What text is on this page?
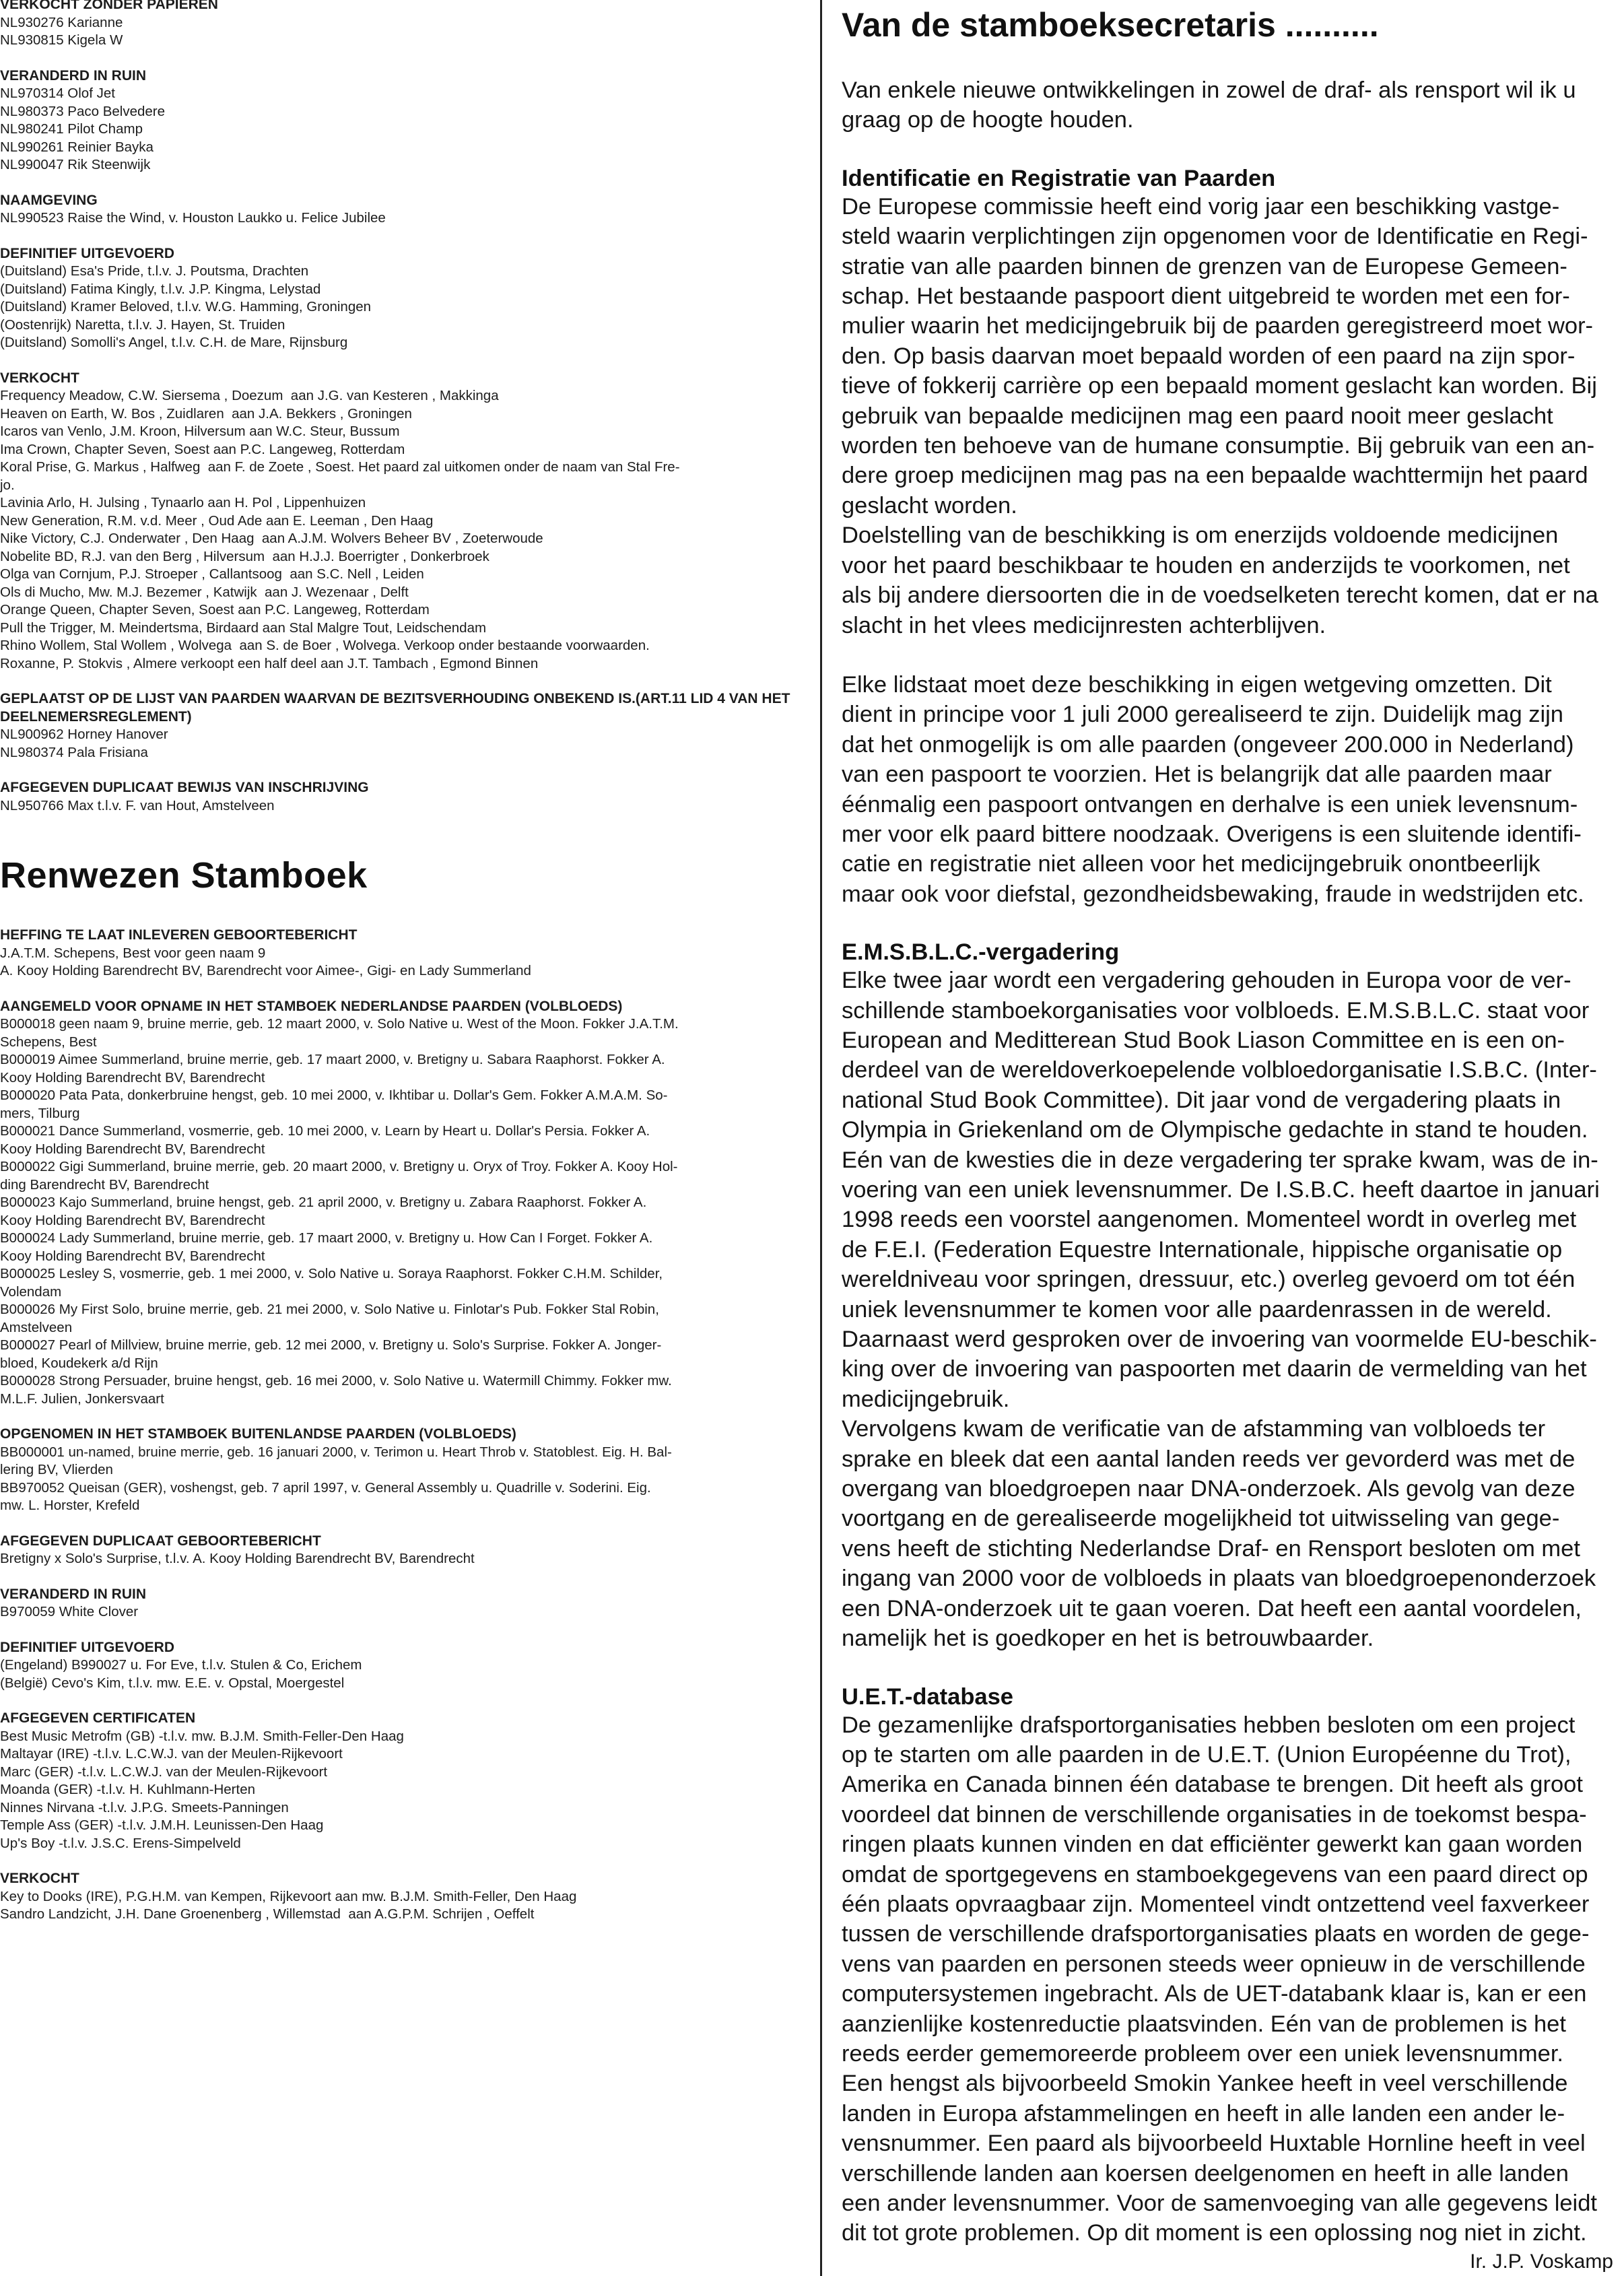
VERKOCHT ZONDER PAPIEREN
NL930276 Karianne
NL930815 Kigela W
VERANDERD IN RUIN
NL970314 Olof Jet
NL980373 Paco Belvedere
NL980241 Pilot Champ
NL990261 Reinier Bayka
NL990047 Rik Steenwijk
NAAMGEVING
NL990523 Raise the Wind, v. Houston Laukko u. Felice Jubilee
DEFINITIEF UITGEVOERD
(Duitsland) Esa's Pride, t.l.v. J. Poutsma, Drachten
(Duitsland) Fatima Kingly, t.l.v. J.P. Kingma, Lelystad
(Duitsland) Kramer Beloved, t.l.v. W.G. Hamming, Groningen
(Oostenrijk) Naretta, t.l.v. J. Hayen, St. Truiden
(Duitsland) Somolli's Angel, t.l.v. C.H. de Mare, Rijnsburg
VERKOCHT
Frequency Meadow, C.W. Siersema , Doezum  aan J.G. van Kesteren , Makkinga
Heaven on Earth, W. Bos , Zuidlaren  aan J.A. Bekkers , Groningen
Icaros van Venlo, J.M. Kroon, Hilversum aan W.C. Steur, Bussum
Ima Crown, Chapter Seven, Soest aan P.C. Langeweg, Rotterdam
Koral Prise, G. Markus , Halfweg  aan F. de Zoete , Soest. Het paard zal uitkomen onder de naam van Stal Fre-
jo.
Lavinia Arlo, H. Julsing , Tynaarlo aan H. Pol , Lippenhuizen
New Generation, R.M. v.d. Meer , Oud Ade aan E. Leeman , Den Haag
Nike Victory, C.J. Onderwater , Den Haag  aan A.J.M. Wolvers Beheer BV , Zoeterwoude
Nobelite BD, R.J. van den Berg , Hilversum  aan H.J.J. Boerrigter , Donkerbroek
Olga van Cornjum, P.J. Stroeper , Callantsoog  aan S.C. Nell , Leiden
Ols di Mucho, Mw. M.J. Bezemer , Katwijk  aan J. Wezenaar , Delft
Orange Queen, Chapter Seven, Soest aan P.C. Langeweg, Rotterdam
Pull the Trigger, M. Meindertsma, Birdaard aan Stal Malgre Tout, Leidschendam
Rhino Wollem, Stal Wollem , Wolvega  aan S. de Boer , Wolvega. Verkoop onder bestaande voorwaarden.
Roxanne, P. Stokvis , Almere verkoopt een half deel aan J.T. Tambach , Egmond Binnen
GEPLAATST OP DE LIJST VAN PAARDEN WAARVAN DE BEZITSVERHOUDING ONBEKEND IS.(ART.11 LID 4 VAN HET DEELNEMERSREGLEMENT)
NL900962 Horney Hanover
NL980374 Pala Frisiana
AFGEGEVEN DUPLICAAT BEWIJS VAN INSCHRIJVING
NL950766 Max t.l.v. F. van Hout, Amstelveen
Renwezen Stamboek
HEFFING TE LAAT INLEVEREN GEBOORTEBERICHT
J.A.T.M. Schepens, Best voor geen naam 9
A. Kooy Holding Barendrecht BV, Barendrecht voor Aimee-, Gigi- en Lady Summerland
AANGEMELD VOOR OPNAME IN HET STAMBOEK NEDERLANDSE PAARDEN (VOLBLOEDS)
B000018 geen naam 9, bruine merrie, geb. 12 maart 2000, v. Solo Native u. West of the Moon. Fokker J.A.T.M.
Schepens, Best
B000019 Aimee Summerland, bruine merrie, geb. 17 maart 2000, v. Bretigny u. Sabara Raaphorst. Fokker A.
Kooy Holding Barendrecht BV, Barendrecht
B000020 Pata Pata, donkerbruine hengst, geb. 10 mei 2000, v. Ikhtibar u. Dollar's Gem. Fokker A.M.A.M. So-
mers, Tilburg
B000021 Dance Summerland, vosmerrie, geb. 10 mei 2000, v. Learn by Heart u. Dollar's Persia. Fokker A.
Kooy Holding Barendrecht BV, Barendrecht
B000022 Gigi Summerland, bruine merrie, geb. 20 maart 2000, v. Bretigny u. Oryx of Troy. Fokker A. Kooy Hol-
ding Barendrecht BV, Barendrecht
B000023 Kajo Summerland, bruine hengst, geb. 21 april 2000, v. Bretigny u. Zabara Raaphorst. Fokker A.
Kooy Holding Barendrecht BV, Barendrecht
B000024 Lady Summerland, bruine merrie, geb. 17 maart 2000, v. Bretigny u. How Can I Forget. Fokker A.
Kooy Holding Barendrecht BV, Barendrecht
B000025 Lesley S, vosmerrie, geb. 1 mei 2000, v. Solo Native u. Soraya Raaphorst. Fokker C.H.M. Schilder,
Volendam
B000026 My First Solo, bruine merrie, geb. 21 mei 2000, v. Solo Native u. Finlotar's Pub. Fokker Stal Robin,
Amstelveen
B000027 Pearl of Millview, bruine merrie, geb. 12 mei 2000, v. Bretigny u. Solo's Surprise. Fokker A. Jonger-
bloed, Koudekerk a/d Rijn
B000028 Strong Persuader, bruine hengst, geb. 16 mei 2000, v. Solo Native u. Watermill Chimmy. Fokker mw.
M.L.F. Julien, Jonkersvaart
OPGENOMEN IN HET STAMBOEK BUITENLANDSE PAARDEN (VOLBLOEDS)
BB000001 un-named, bruine merrie, geb. 16 januari 2000, v. Terimon u. Heart Throb v. Statoblest. Eig. H. Bal-
lering BV, Vlierden
BB970052 Queisan (GER), voshengst, geb. 7 april 1997, v. General Assembly u. Quadrille v. Soderini. Eig.
mw. L. Horster, Krefeld
AFGEGEVEN DUPLICAAT GEBOORTEBERICHT
Bretigny x Solo's Surprise, t.l.v. A. Kooy Holding Barendrecht BV, Barendrecht
VERANDERD IN RUIN
B970059 White Clover
DEFINITIEF UITGEVOERD
(Engeland) B990027 u. For Eve, t.l.v. Stulen & Co, Erichem
(België) Cevo's Kim, t.l.v. mw. E.E. v. Opstal, Moergestel
AFGEGEVEN CERTIFICATEN
Best Music Metrofm (GB) -t.l.v. mw. B.J.M. Smith-Feller-Den Haag
Maltayar (IRE) -t.l.v. L.C.W.J. van der Meulen-Rijkevoort
Marc (GER) -t.l.v. L.C.W.J. van der Meulen-Rijkevoort
Moanda (GER) -t.l.v. H. Kuhlmann-Herten
Ninnes Nirvana -t.l.v. J.P.G. Smeets-Panningen
Temple Ass (GER) -t.l.v. J.M.H. Leunissen-Den Haag
Up's Boy -t.l.v. J.S.C. Erens-Simpelveld
VERKOCHT
Key to Dooks (IRE), P.G.H.M. van Kempen, Rijkevoort aan mw. B.J.M. Smith-Feller, Den Haag
Sandro Landzicht, J.H. Dane Groenenberg , Willemstad  aan A.G.P.M. Schrijen , Oeffelt
Van de stamboeksecretaris ..........
Van enkele nieuwe ontwikkelingen in zowel de draf- als rensport wil ik u
graag op de hoogte houden.
Identificatie en Registratie van Paarden
De Europese commissie heeft eind vorig jaar een beschikking vastge-
steld waarin verplichtingen zijn opgenomen voor de Identificatie en Regi-
stratie van alle paarden binnen de grenzen van de Europese Gemeen-
schap. Het bestaande paspoort dient uitgebreid te worden met een for-
mulier waarin het medicijngebruik bij de paarden geregistreerd moet wor-
den. Op basis daarvan moet bepaald worden of een paard na zijn spor-
tieve of fokkerij carrière op een bepaald moment geslacht kan worden. Bij
gebruik van bepaalde medicijnen mag een paard nooit meer geslacht
worden ten behoeve van de humane consumptie. Bij gebruik van een an-
dere groep medicijnen mag pas na een bepaalde wachttermijn het paard
geslacht worden.
Doelstelling van de beschikking is om enerzijds voldoende medicijnen
voor het paard beschikbaar te houden en anderzijds te voorkomen, net
als bij andere diersoorten die in de voedselketen terecht komen, dat er na
slacht in het vlees medicijnresten achterblijven.
Elke lidstaat moet deze beschikking in eigen wetgeving omzetten. Dit
dient in principe voor 1 juli 2000 gerealiseerd te zijn. Duidelijk mag zijn
dat het onmogelijk is om alle paarden (ongeveer 200.000 in Nederland)
van een paspoort te voorzien. Het is belangrijk dat alle paarden maar
éénmalig een paspoort ontvangen en derhalve is een uniek levensnum-
mer voor elk paard bittere noodzaak. Overigens is een sluitende identifi-
catie en registratie niet alleen voor het medicijngebruik onontbeerlijk
maar ook voor diefstal, gezondheidsbewaking, fraude in wedstrijden etc.
E.M.S.B.L.C.-vergadering
Elke twee jaar wordt een vergadering gehouden in Europa voor de ver-
schillende stamboekorganisaties voor volbloeds. E.M.S.B.L.C. staat voor
European and Meditterean Stud Book Liason Committee en is een on-
derdeel van de wereldoverkoepelende volbloedorganisatie I.S.B.C. (Inter-
national Stud Book Committee). Dit jaar vond de vergadering plaats in
Olympia in Griekenland om de Olympische gedachte in stand te houden.
Eén van de kwesties die in deze vergadering ter sprake kwam, was de in-
voering van een uniek levensnummer. De I.S.B.C. heeft daartoe in januari
1998 reeds een voorstel aangenomen. Momenteel wordt in overleg met
de F.E.I. (Federation Equestre Internationale, hippische organisatie op
wereldniveau voor springen, dressuur, etc.) overleg gevoerd om tot één
uniek levensnummer te komen voor alle paardenrassen in de wereld.
Daarnaast werd gesproken over de invoering van voormelde EU-beschik-
king over de invoering van paspoorten met daarin de vermelding van het
medicijngebruik.
Vervolgens kwam de verificatie van de afstamming van volbloeds ter
sprake en bleek dat een aantal landen reeds ver gevorderd was met de
overgang van bloedgroepen naar DNA-onderzoek. Als gevolg van deze
voortgang en de gerealiseerde mogelijkheid tot uitwisseling van gege-
vens heeft de stichting Nederlandse Draf- en Rensport besloten om met
ingang van 2000 voor de volbloeds in plaats van bloedgroepenonderzoek
een DNA-onderzoek uit te gaan voeren. Dat heeft een aantal voordelen,
namelijk het is goedkoper en het is betrouwbaarder.
U.E.T.-database
De gezamenlijke drafsportorganisaties hebben besloten om een project
op te starten om alle paarden in de U.E.T. (Union Européenne du Trot),
Amerika en Canada binnen één database te brengen. Dit heeft als groot
voordeel dat binnen de verschillende organisaties in de toekomst bespa-
ringen plaats kunnen vinden en dat efficiënter gewerkt kan gaan worden
omdat de sportgegevens en stamboekgegevens van een paard direct op
één plaats opvraagbaar zijn. Momenteel vindt ontzettend veel faxverkeer
tussen de verschillende drafsportorganisaties plaats en worden de gege-
vens van paarden en personen steeds weer opnieuw in de verschillende
computersystemen ingebracht. Als de UET-databank klaar is, kan er een
aanzienlijke kostenreductie plaatsvinden. Eén van de problemen is het
reeds eerder gememoreerde probleem over een uniek levensnummer.
Een hengst als bijvoorbeeld Smokin Yankee heeft in veel verschillende
landen in Europa afstammelingen en heeft in alle landen een ander le-
vensnummer. Een paard als bijvoorbeeld Huxtable Hornline heeft in veel
verschillende landen aan koersen deelgenomen en heeft in alle landen
een ander levensnummer. Voor de samenvoeging van alle gegevens leidt
dit tot grote problemen. Op dit moment is een oplossing nog niet in zicht.
Ir. J.P. Voskamp
